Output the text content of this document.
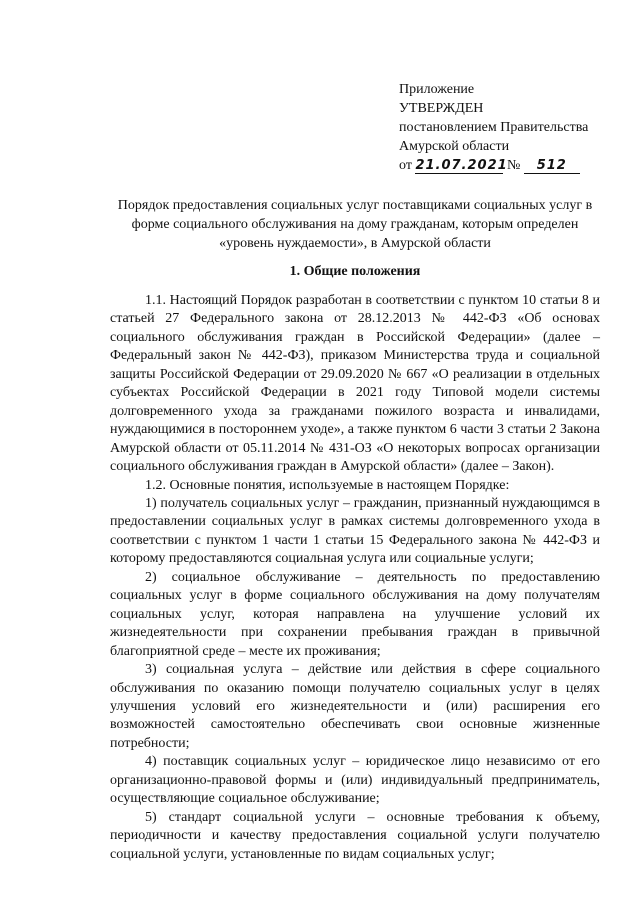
Приложение
УТВЕРЖДЕН
постановлением Правительства
Амурской области
от 21.07.2021 № 512
Порядок предоставления социальных услуг поставщиками социальных услуг в форме социального обслуживания на дому гражданам, которым определен «уровень нуждаемости», в Амурской области
1. Общие положения

1.1. Настоящий Порядок разработан в соответствии с пунктом 10 статьи 8 и статьей 27 Федерального закона от 28.12.2013 № 442-ФЗ «Об основах социального обслуживания граждан в Российской Федерации» (далее – Федеральный закон № 442-ФЗ), приказом Министерства труда и социальной защиты Российской Федерации от 29.09.2020 № 667 «О реализации в отдельных субъектах Российской Федерации в 2021 году Типовой модели системы долговременного ухода за гражданами пожилого возраста и инвалидами, нуждающимися в постороннем уходе», а также пунктом 6 части 3 статьи 2 Закона Амурской области от 05.11.2014 № 431-ОЗ «О некоторых вопросах организации социального обслуживания граждан в Амурской области» (далее – Закон).

1.2. Основные понятия, используемые в настоящем Порядке:

1) получатель социальных услуг – гражданин, признанный нуждающимся в предоставлении социальных услуг в рамках системы долговременного ухода в соответствии с пунктом 1 части 1 статьи 15 Федерального закона № 442-ФЗ и которому предоставляются социальная услуга или социальные услуги;

2) социальное обслуживание – деятельность по предоставлению социальных услуг в форме социального обслуживания на дому получателям социальных услуг, которая направлена на улучшение условий их жизнедеятельности при сохранении пребывания граждан в привычной благоприятной среде – месте их проживания;

3) социальная услуга – действие или действия в сфере социального обслуживания по оказанию помощи получателю социальных услуг в целях улучшения условий его жизнедеятельности и (или) расширения его возможностей самостоятельно обеспечивать свои основные жизненные потребности;

4) поставщик социальных услуг – юридическое лицо независимо от его организационно-правовой формы и (или) индивидуальный предприниматель, осуществляющие социальное обслуживание;

5) стандарт социальной услуги – основные требования к объему, периодичности и качеству предоставления социальной услуги получателю социальной услуги, установленные по видам социальных услуг;
